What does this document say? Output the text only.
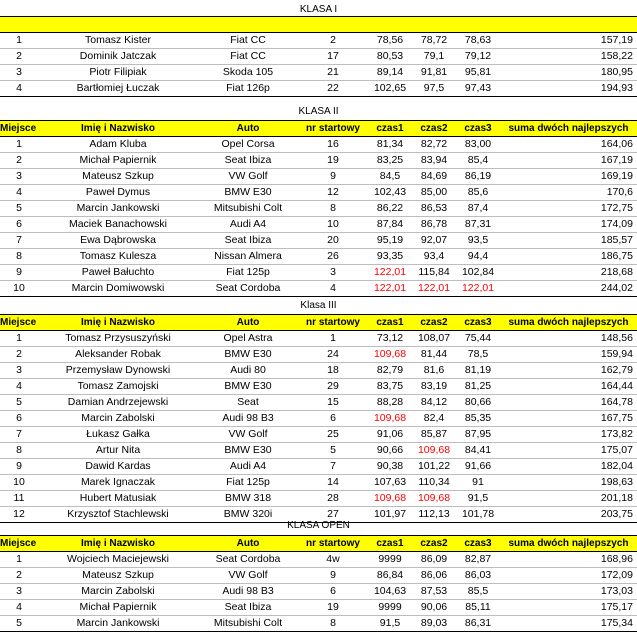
KLASA I

1	Tomasz Kister	Fiat CC	2	78,56	78,72	78,63	157,19
2	Dominik Jatczak	Fiat CC	17	80,53	79,1	79,12	158,22
3	Piotr Filipiak	Skoda 105	21	89,14	91,81	95,81	180,95
4	Bartłomiej Łuczak	Fiat 126p	22	102,65	97,5	97,43	194,93
KLASA II
Miejsce	Imię i Nazwisko	Auto	nr startowy	czas1	czas2	czas3	suma dwóch najlepszych
1	Adam Kluba	Opel Corsa	16	81,34	82,72	83,00	164,06
2	Michał Papiernik	Seat Ibiza	19	83,25	83,94	85,4	167,19
3	Mateusz Szkup	VW Golf	9	84,5	84,69	86,19	169,19
4	Paweł Dymus	BMW E30	12	102,43	85,00	85,6	170,6
5	Marcin Jankowski	Mitsubishi Colt	8	86,22	86,53	87,4	172,75
6	Maciek Banachowski	Audi A4	10	87,84	86,78	87,31	174,09
7	Ewa Dąbrowska	Seat Ibiza	20	95,19	92,07	93,5	185,57
8	Tomasz Kulesza	Nissan Almera	26	93,35	93,4	94,4	186,75
9	Paweł Bałuchto	Fiat 125p	3	122,01	115,84	102,84	218,68
10	Marcin Domiwowski	Seat Cordoba	4	122,01	122,01	122,01	244,02
Klasa III
Miejsce	Imię i Nazwisko	Auto	nr startowy	czas1	czas2	czas3	suma dwóch najlepszych
1	Tomasz Przysuszyński	Opel Astra	1	73,12	108,07	75,44	148,56
2	Aleksander Robak	BMW E30	24	109,68	81,44	78,5	159,94
3	Przemysław Dynowski	Audi 80	18	82,79	81,6	81,19	162,79
4	Tomasz Zamojski	BMW E30	29	83,75	83,19	81,25	164,44
5	Damian Andrzejewski	Seat	15	88,28	84,12	80,66	164,78
6	Marcin Zabolski	Audi 98 B3	6	109,68	82,4	85,35	167,75
7	Łukasz Gałka	VW Golf	25	91,06	85,87	87,95	173,82
8	Artur Nita	BMW E30	5	90,66	109,68	84,41	175,07
9	Dawid Kardas	Audi A4	7	90,38	101,22	91,66	182,04
10	Marek Ignaczak	Fiat 125p	14	107,63	110,34	91	198,63
11	Hubert Matusiak	BMW 318	28	109,68	109,68	91,5	201,18
12	Krzysztof Stachlewski	BMW 320i	27	101,97	112,13	101,78	203,75
KLASA OPEN
Miejsce	Imię i Nazwisko	Auto	nr startowy	czas1	czas2	czas3	suma dwóch najlepszych
1	Wojciech Maciejewski	Seat Cordoba	4w	9999	86,09	82,87	168,96
2	Mateusz Szkup	VW Golf	9	86,84	86,06	86,03	172,09
3	Marcin Zabolski	Audi 98 B3	6	104,63	87,53	85,5	173,03
4	Michał Papiernik	Seat Ibiza	19	9999	90,06	85,11	175,17
5	Marcin Jankowski	Mitsubishi Colt	8	91,5	89,03	86,31	175,34
